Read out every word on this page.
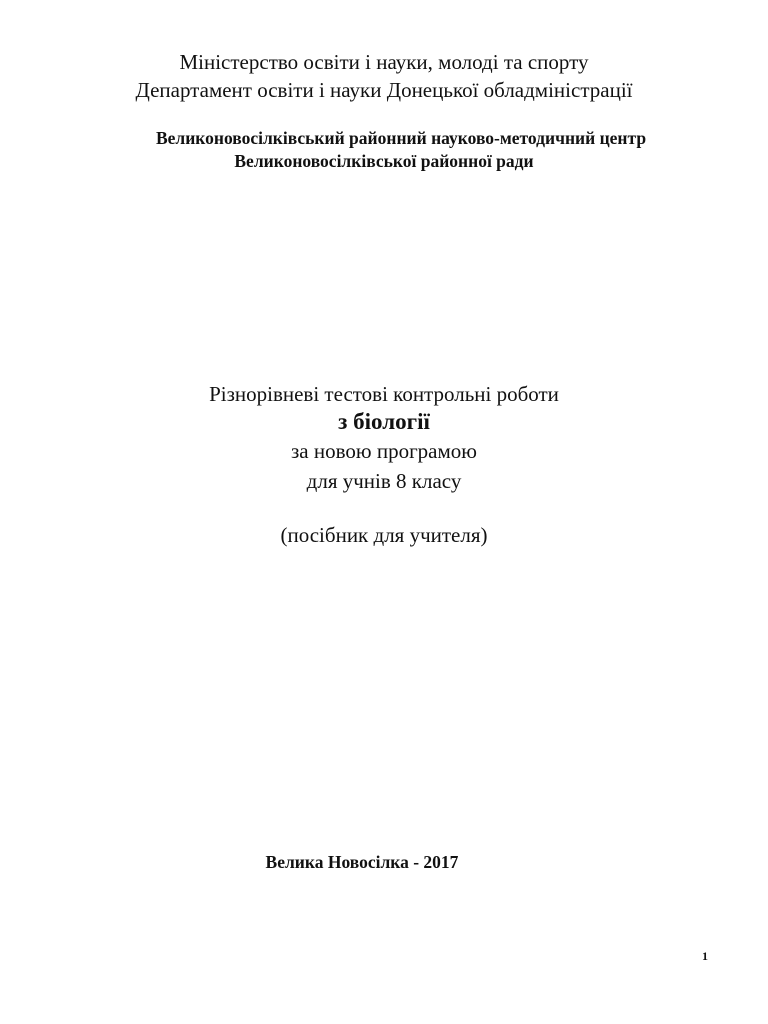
Міністерство освіти і науки, молоді та спорту
Департамент освіти і науки Донецької обладміністрації
Великоновосілківський районний науково-методичний центр
Великоновосілківської районної ради
Різнорівневі тестові контрольні роботи
з біології
за новою програмою
для учнів 8 класу
(посібник для учителя)
Велика Новосілка - 2017
1
